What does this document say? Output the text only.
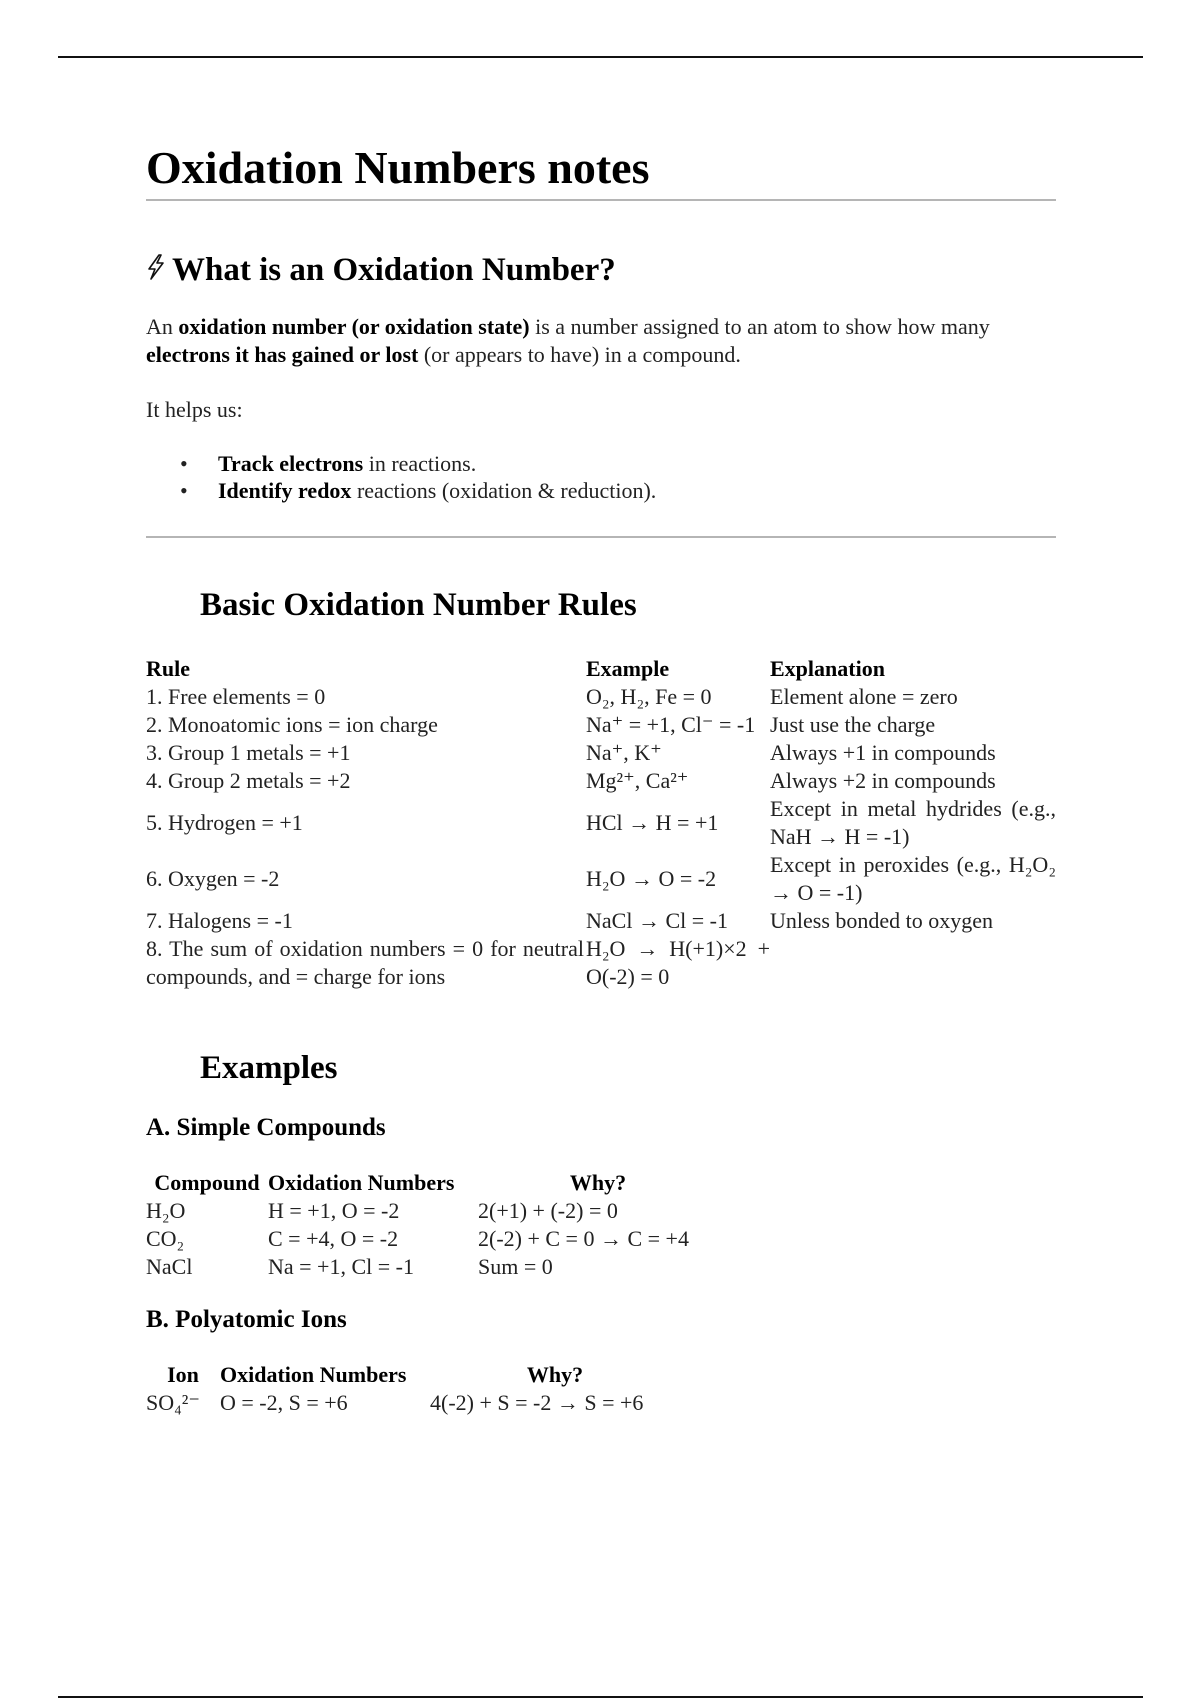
Oxidation Numbers notes
What is an Oxidation Number?

An oxidation number (or oxidation state) is a number assigned to an atom to show how many electrons it has gained or lost (or appears to have) in a compound.

It helps us:

• Track electrons in reactions.
• Identify redox reactions (oxidation & reduction).
Basic Oxidation Number Rules
Rule	Example	Explanation
1. Free elements = 0	O₂, H₂, Fe = 0	Element alone = zero
2. Monoatomic ions = ion charge	Na⁺ = +1, Cl⁻ = -1	Just use the charge
3. Group 1 metals = +1	Na⁺, K⁺	Always +1 in compounds
4. Group 2 metals = +2	Mg²⁺, Ca²⁺	Always +2 in compounds
5. Hydrogen = +1	HCl → H = +1	Except in metal hydrides (e.g., NaH → H = -1)
6. Oxygen = -2	H₂O → O = -2	Except in peroxides (e.g., H₂O₂ → O = -1)
7. Halogens = -1	NaCl → Cl = -1	Unless bonded to oxygen
8. The sum of oxidation numbers = 0 for neutral compounds, and = charge for ions	H₂O → H(+1)×2 + O(-2) = 0	
Examples
A. Simple Compounds
Compound	Oxidation Numbers	Why?
H₂O	H = +1, O = -2	2(+1) + (-2) = 0
CO₂	C = +4, O = -2	2(-2) + C = 0 → C = +4
NaCl	Na = +1, Cl = -1	Sum = 0
B. Polyatomic Ions
Ion	Oxidation Numbers	Why?
SO₄²⁻	O = -2, S = +6	4(-2) + S = -2 → S = +6
